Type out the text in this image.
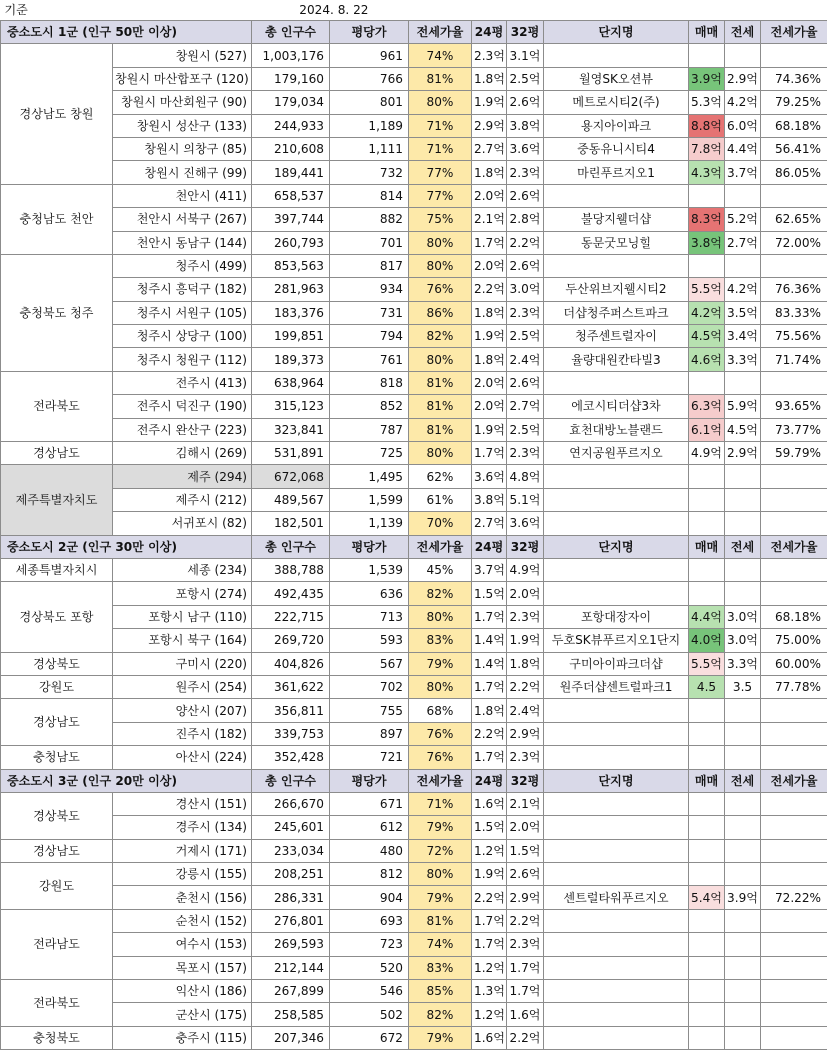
기준		2024. 8. 22								
중소도시 1군 (인구 50만 이상)		총 인구수	평당가	전세가율	24평	32평	단지명	매매	전세	전세가율
경상남도 창원	창원시 (527)	1,003,176	961	74%	2.3억	3.1억				
	창원시 마산합포구 (120)	179,160	766	81%	1.8억	2.5억	월영SK오션뷰	3.9억	2.9억	74.36%
	창원시 마산회원구 (90)	179,034	801	80%	1.9억	2.6억	메트로시티2(주)	5.3억	4.2억	79.25%
	창원시 성산구 (133)	244,933	1,189	71%	2.9억	3.8억	용지아이파크	8.8억	6.0억	68.18%
	창원시 의창구 (85)	210,608	1,111	71%	2.7억	3.6억	중동유니시티4	7.8억	4.4억	56.41%
	창원시 진해구 (99)	189,441	732	77%	1.8억	2.3억	마린푸르지오1	4.3억	3.7억	86.05%
충청남도 천안	천안시 (411)	658,537	814	77%	2.0억	2.6억				
	천안시 서북구 (267)	397,744	882	75%	2.1억	2.8억	불당지웰더샵	8.3억	5.2억	62.65%
	천안시 동남구 (144)	260,793	701	80%	1.7억	2.2억	동문굿모닝힐	3.8억	2.7억	72.00%
충청북도 청주	청주시 (499)	853,563	817	80%	2.0억	2.6억				
	청주시 흥덕구 (182)	281,963	934	76%	2.2억	3.0억	두산위브지웰시티2	5.5억	4.2억	76.36%
	청주시 서원구 (105)	183,376	731	86%	1.8억	2.3억	더샵청주퍼스트파크	4.2억	3.5억	83.33%
	청주시 상당구 (100)	199,851	794	82%	1.9억	2.5억	청주센트럴자이	4.5억	3.4억	75.56%
	청주시 청원구 (112)	189,373	761	80%	1.8억	2.4억	율량대원칸타빌3	4.6억	3.3억	71.74%
전라북도	전주시 (413)	638,964	818	81%	2.0억	2.6억				
	전주시 덕진구 (190)	315,123	852	81%	2.0억	2.7억	에코시티더샵3차	6.3억	5.9억	93.65%
	전주시 완산구 (223)	323,841	787	81%	1.9억	2.5억	효천대방노블랜드	6.1억	4.5억	73.77%
경상남도	김해시 (269)	531,891	725	80%	1.7억	2.3억	연지공원푸르지오	4.9억	2.9억	59.79%
제주특별자치도	제주 (294)	672,068	1,495	62%	3.6억	4.8억				
	제주시 (212)	489,567	1,599	61%	3.8억	5.1억				
	서귀포시 (82)	182,501	1,139	70%	2.7억	3.6억				
중소도시 2군 (인구 30만 이상)		총 인구수	평당가	전세가율	24평	32평	단지명	매매	전세	전세가율
세종특별자치시	세종 (234)	388,788	1,539	45%	3.7억	4.9억				
경상북도 포항	포항시 (274)	492,435	636	82%	1.5억	2.0억				
	포항시 남구 (110)	222,715	713	80%	1.7억	2.3억	포항대장자이	4.4억	3.0억	68.18%
	포항시 북구 (164)	269,720	593	83%	1.4억	1.9억	두호SK뷰푸르지오1단지	4.0억	3.0억	75.00%
경상북도	구미시 (220)	404,826	567	79%	1.4억	1.8억	구미아이파크더샵	5.5억	3.3억	60.00%
강원도	원주시 (254)	361,622	702	80%	1.7억	2.2억	원주더샵센트럴파크1	4.5	3.5	77.78%
경상남도	양산시 (207)	356,811	755	68%	1.8억	2.4억				
	진주시 (182)	339,753	897	76%	2.2억	2.9억				
충청남도	아산시 (224)	352,428	721	76%	1.7억	2.3억				
중소도시 3군 (인구 20만 이상)		총 인구수	평당가	전세가율	24평	32평	단지명	매매	전세	전세가율
경상북도	경산시 (151)	266,670	671	71%	1.6억	2.1억				
	경주시 (134)	245,601	612	79%	1.5억	2.0억				
경상남도	거제시 (171)	233,034	480	72%	1.2억	1.5억				
강원도	강릉시 (155)	208,251	812	80%	1.9억	2.6억				
	춘천시 (156)	286,331	904	79%	2.2억	2.9억	센트럴타워푸르지오	5.4억	3.9억	72.22%
전라남도	순천시 (152)	276,801	693	81%	1.7억	2.2억				
	여수시 (153)	269,593	723	74%	1.7억	2.3억				
	목포시 (157)	212,144	520	83%	1.2억	1.7억				
전라북도	익산시 (186)	267,899	546	85%	1.3억	1.7억				
	군산시 (175)	258,585	502	82%	1.2억	1.6억				
충청북도	충주시 (115)	207,346	672	79%	1.6억	2.2억				
